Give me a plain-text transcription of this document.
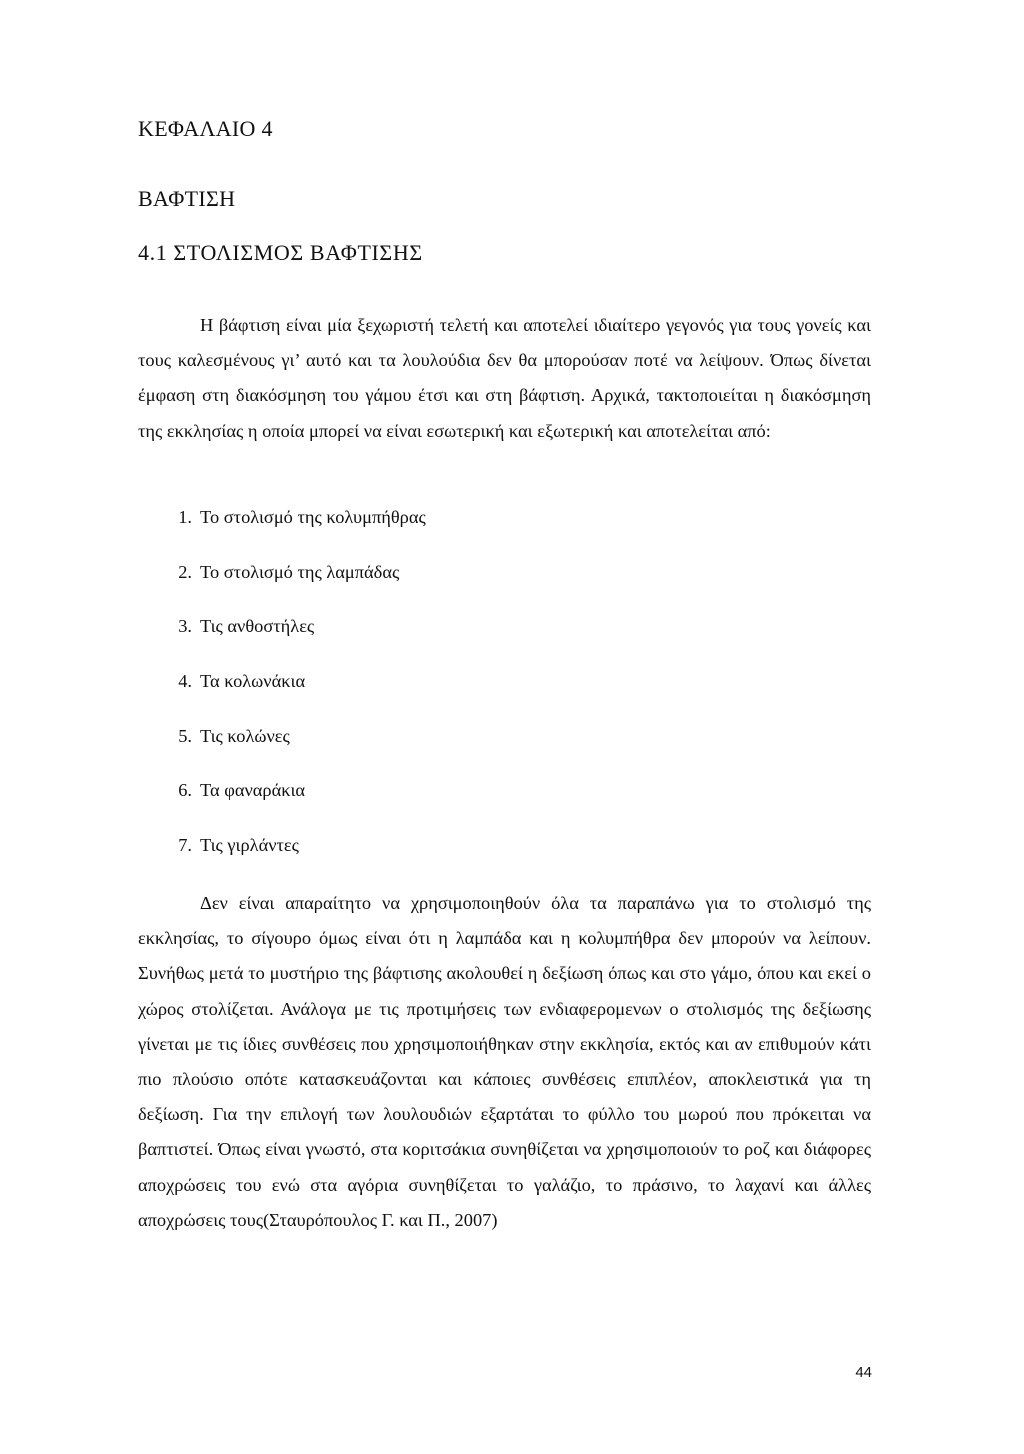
ΚΕΦΑΛΑΙΟ 4
ΒΑΦΤΙΣΗ
4.1 ΣΤΟΛΙΣΜΟΣ ΒΑΦΤΙΣΗΣ

Η βάφτιση είναι μία ξεχωριστή τελετή και αποτελεί ιδιαίτερο γεγονός για τους γονείς και τους καλεσμένους γι’ αυτό και τα λουλούδια δεν θα μπορούσαν ποτέ να λείψουν. Όπως δίνεται έμφαση στη διακόσμηση του γάμου έτσι και στη βάφτιση. Αρχικά, τακτοποιείται η διακόσμηση της εκκλησίας η οποία μπορεί να είναι εσωτερική και εξωτερική και αποτελείται από:

1. Το στολισμό της κολυμπήθρας
2. Το στολισμό της λαμπάδας
3. Τις ανθοστήλες
4. Τα κολωνάκια
5. Τις κολώνες
6. Τα φαναράκια
7. Τις γιρλάντες

Δεν είναι απαραίτητο να χρησιμοποιηθούν όλα τα παραπάνω για το στολισμό της εκκλησίας, το σίγουρο όμως είναι ότι η λαμπάδα και η κολυμπήθρα δεν μπορούν να λείπουν. Συνήθως μετά το μυστήριο της βάφτισης ακολουθεί η δεξίωση όπως και στο γάμο, όπου και εκεί ο χώρος στολίζεται. Ανάλογα με τις προτιμήσεις των ενδιαφερομενων ο στολισμός της δεξίωσης γίνεται με τις ίδιες συνθέσεις που χρησιμοποιήθηκαν στην εκκλησία, εκτός και αν επιθυμούν κάτι πιο πλούσιο οπότε κατασκευάζονται και κάποιες συνθέσεις επιπλέον, αποκλειστικά για τη δεξίωση. Για την επιλογή των λουλουδιών εξαρτάται το φύλλο του μωρού που πρόκειται να βαπτιστεί. Όπως είναι γνωστό, στα κοριτσάκια συνηθίζεται να χρησιμοποιούν το ροζ και διάφορες αποχρώσεις του ενώ στα αγόρια συνηθίζεται το γαλάζιο, το πράσινο, το λαχανί και άλλες αποχρώσεις τους(Σταυρόπουλος Γ. και Π., 2007)

44
